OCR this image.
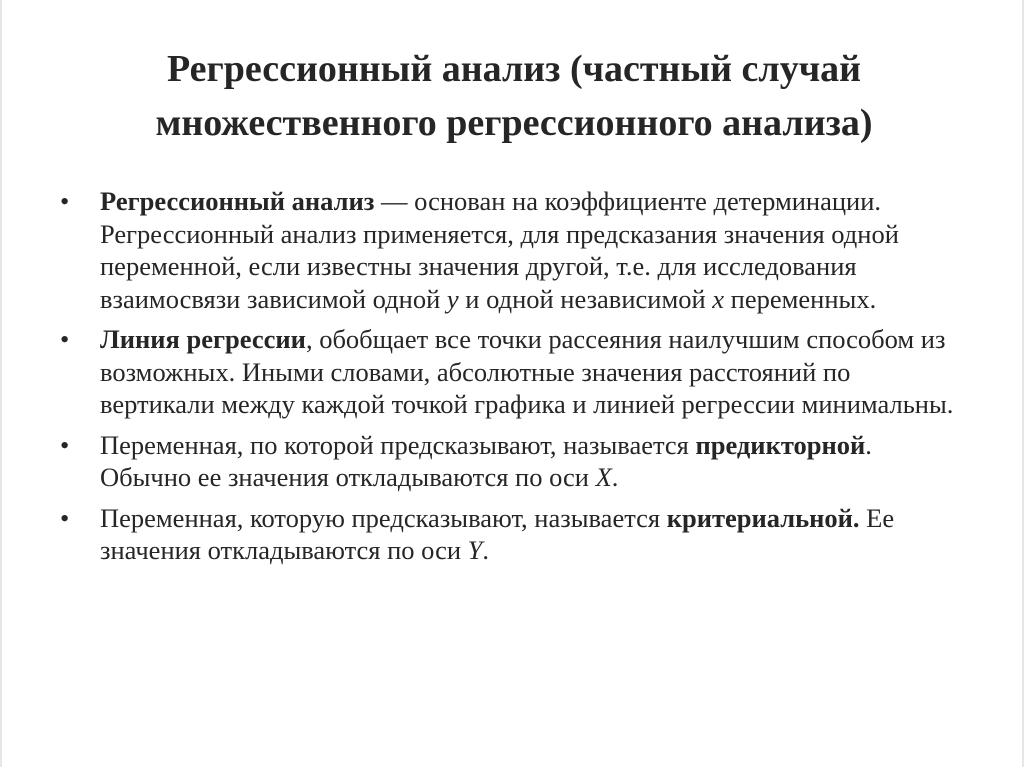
Регрессионный анализ (частный случай
множественного регрессионного анализа)
•	Регрессионный анализ — основан на коэффициенте детерминации. Регрессионный анализ применяется, для предсказания значения одной переменной, если известны значения другой, т.е. для исследования взаимосвязи зависимой одной y и одной независимой x переменных.
•	Линия регрессии, обобщает все точки рассеяния наилучшим способом из возможных. Иными словами, абсолютные значения расстояний по вертикали между каждой точкой графика и линией регрессии минимальны.
•	Переменная, по которой предсказывают, называется предикторной. Обычно ее значения откладываются по оси X.
•	Переменная, которую предсказывают, называется критериальной. Ее значения откладываются по оси Y.
